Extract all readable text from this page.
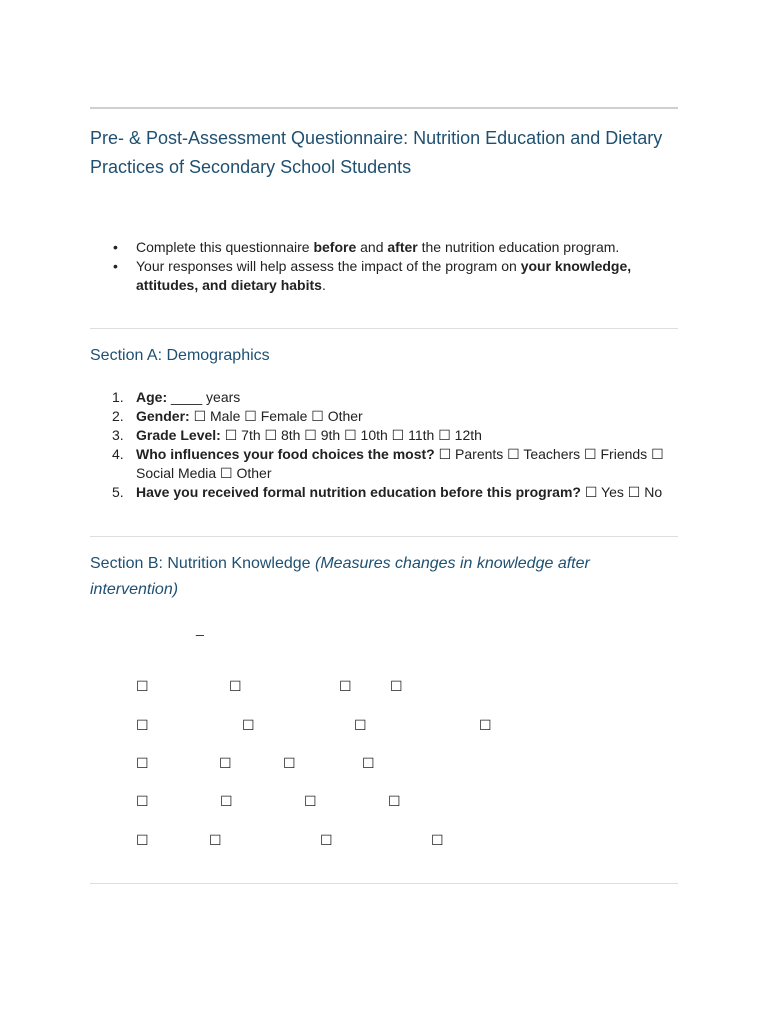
Pre- & Post-Assessment Questionnaire: Nutrition Education and Dietary Practices of Secondary School Students
• Complete this questionnaire before and after the nutrition education program.
• Your responses will help assess the impact of the program on your knowledge, attitudes, and dietary habits.
Section A: Demographics
1. Age: ____ years
2. Gender: ☐ Male ☐ Female ☐ Other
3. Grade Level: ☐ 7th ☐ 8th ☐ 9th ☐ 10th ☐ 11th ☐ 12th
4. Who influences your food choices the most? ☐ Parents ☐ Teachers ☐ Friends ☐ Social Media ☐ Other
5. Have you received formal nutrition education before this program? ☐ Yes ☐ No
Section B: Nutrition Knowledge (Measures changes in knowledge after intervention)
_
☐	☐	☐	☐
☐	☐	☐	☐
☐	☐	☐	☐
☐	☐	☐	☐
☐	☐	☐	☐
